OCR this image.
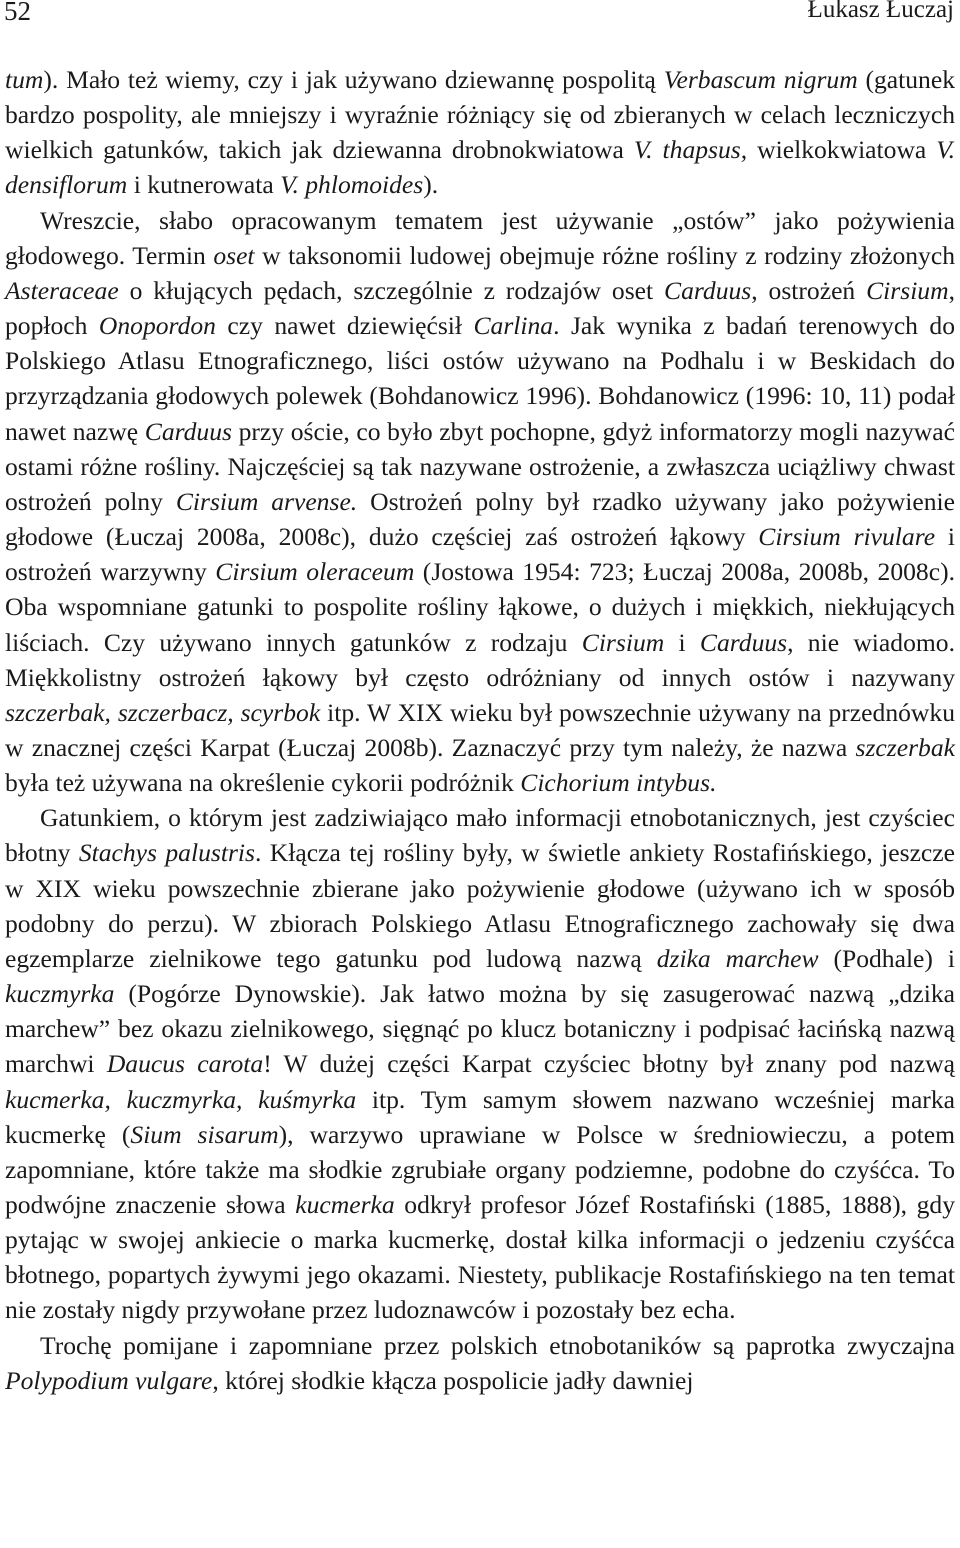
52	Łukasz Łuczaj

tum). Mało też wiemy, czy i jak używano dziewannę pospolitą Verbascum nigrum (gatunek bardzo pospolity, ale mniejszy i wyraźnie różniący się od zbieranych w celach leczniczych wielkich gatunków, takich jak dziewanna drobnokwiatowa V. thapsus, wielkokwiatowa V. densiflorum i kutnerowata V. phlomoides).

Wreszcie, słabo opracowanym tematem jest używanie „ostów” jako pożywienia głodowego. Termin oset w taksonomii ludowej obejmuje różne rośliny z rodziny złożonych Asteraceae o kłujących pędach, szczególnie z rodzajów oset Carduus, ostrożeń Cirsium, popłoch Onopordon czy nawet dziewięćsił Carlina. Jak wynika z badań terenowych do Polskiego Atlasu Etnograficznego, liści ostów używano na Podhalu i w Beskidach do przyrządzania głodowych polewek (Bohdanowicz 1996). Bohdanowicz (1996: 10, 11) podał nawet nazwę Carduus przy oście, co było zbyt pochopne, gdyż informatorzy mogli nazywać ostami różne rośliny. Najczęściej są tak nazywane ostrożenie, a zwłaszcza uciążliwy chwast ostrożeń polny Cirsium arvense. Ostrożeń polny był rzadko używany jako pożywienie głodowe (Łuczaj 2008a, 2008c), dużo częściej zaś ostrożeń łąkowy Cirsium rivulare i ostrożeń warzywny Cirsium oleraceum (Jostowa 1954: 723; Łuczaj 2008a, 2008b, 2008c). Oba wspomniane gatunki to pospolite rośliny łąkowe, o dużych i miękkich, niekłujących liściach. Czy używano innych gatunków z rodzaju Cirsium i Carduus, nie wiadomo. Miękkolistny ostrożeń łąkowy był często odróżniany od innych ostów i nazywany szczerbak, szczerbacz, scyrbok itp. W XIX wieku był powszechnie używany na przednówku w znacznej części Karpat (Łuczaj 2008b). Zaznaczyć przy tym należy, że nazwa szczerbak była też używana na określenie cykorii podróżnik Cichorium intybus.

Gatunkiem, o którym jest zadziwiająco mało informacji etnobotanicznych, jest czyściec błotny Stachys palustris. Kłącza tej rośliny były, w świetle ankiety Rostafińskiego, jeszcze w XIX wieku powszechnie zbierane jako pożywienie głodowe (używano ich w sposób podobny do perzu). W zbiorach Polskiego Atlasu Etnograficznego zachowały się dwa egzemplarze zielnikowe tego gatunku pod ludową nazwą dzika marchew (Podhale) i kuczmyrka (Pogórze Dynowskie). Jak łatwo można by się zasugerować nazwą „dzika marchew” bez okazu zielnikowego, sięgnąć po klucz botaniczny i podpisać łacińską nazwą marchwi Daucus carota! W dużej części Karpat czyściec błotny był znany pod nazwą kucmerka, kuczmyrka, kuśmyrka itp. Tym samym słowem nazwano wcześniej marka kucmerkę (Sium sisarum), warzywo uprawiane w Polsce w średniowieczu, a potem zapomniane, które także ma słodkie zgrubiałe organy podziemne, podobne do czyśćca. To podwójne znaczenie słowa kucmerka odkrył profesor Józef Rostafiński (1885, 1888), gdy pytając w swojej ankiecie o marka kucmerkę, dostał kilka informacji o jedzeniu czyśćca błotnego, popartych żywymi jego okazami. Niestety, publikacje Rostafińskiego na ten temat nie zostały nigdy przywołane przez ludoznawców i pozostały bez echa.

Trochę pomijane i zapomniane przez polskich etnobotaników są paprotka zwyczajna Polypodium vulgare, której słodkie kłącza pospolicie jadły dawniej
